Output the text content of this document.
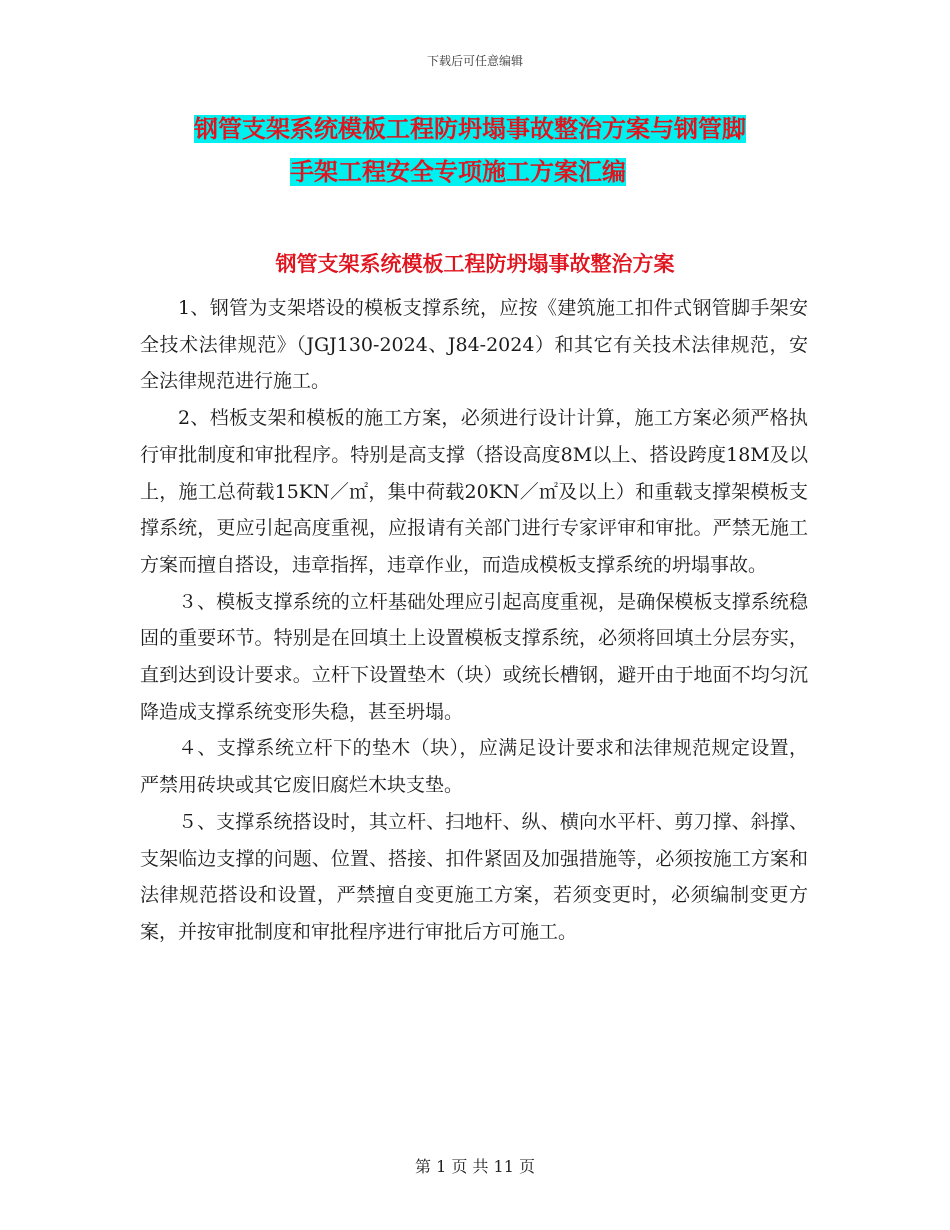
下载后可任意编辑
钢管支架系统模板工程防坍塌事故整治方案与钢管脚
手架工程安全专项施工方案汇编
钢管支架系统模板工程防坍塌事故整治方案

1、钢管为支架塔设的模板支撑系统，应按《建筑施工扣件式钢管脚手架安全技术法律规范》（JGJ130-2024、J84-2024）和其它有关技术法律规范，安全法律规范进行施工。

2、档板支架和模板的施工方案，必须进行设计计算，施工方案必须严格执行审批制度和审批程序。特别是高支撑（搭设高度8M以上、搭设跨度18M及以上，施工总荷载15KN／㎡，集中荷载20KN／㎡及以上）和重载支撑架模板支撑系统，更应引起高度重视，应报请有关部门进行专家评审和审批。严禁无施工方案而擅自搭设，违章指挥，违章作业，而造成模板支撑系统的坍塌事故。

３、模板支撑系统的立杆基础处理应引起高度重视，是确保模板支撑系统稳固的重要环节。特别是在回填土上设置模板支撑系统，必须将回填土分层夯实，直到达到设计要求。立杆下设置垫木（块）或统长槽钢，避开由于地面不均匀沉降造成支撑系统变形失稳，甚至坍塌。

４、支撑系统立杆下的垫木（块），应满足设计要求和法律规范规定设置，严禁用砖块或其它废旧腐烂木块支垫。

５、支撑系统搭设时，其立杆、扫地杆、纵、横向水平杆、剪刀撑、斜撑、支架临边支撑的问题、位置、搭接、扣件紧固及加强措施等，必须按施工方案和法律规范搭设和设置，严禁擅自变更施工方案，若须变更时，必须编制变更方案，并按审批制度和审批程序进行审批后方可施工。

第 1 页 共 11 页
